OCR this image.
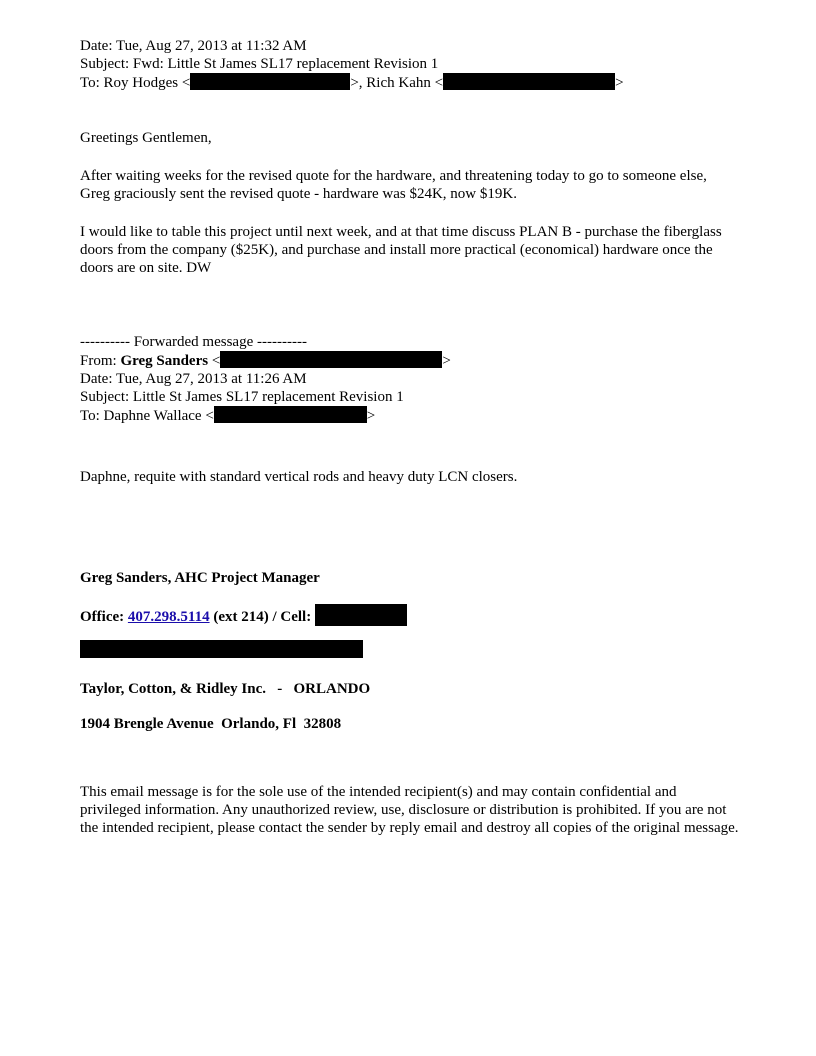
Date: Tue, Aug 27, 2013 at 11:32 AM
Subject: Fwd: Little St James SL17 replacement Revision 1
To: Roy Hodges <	>, Rich Kahn <	>
Greetings Gentlemen,
After waiting weeks for the revised quote for the hardware, and threatening today to go to someone else, Greg graciously sent the revised quote - hardware was $24K, now $19K.
I would like to table this project until next week, and at that time discuss PLAN B - purchase the fiberglass doors from the company ($25K), and purchase and install more practical (economical) hardware once the doors are on site. DW
---------- Forwarded message ----------
From: Greg Sanders <	>
Date: Tue, Aug 27, 2013 at 11:26 AM
Subject: Little St James SL17 replacement Revision 1
To: Daphne Wallace <	>
Daphne, requite with standard vertical rods and heavy duty LCN closers.
Greg Sanders, AHC Project Manager
Office: 407.298.5114 (ext 214) / Cell:
Taylor, Cotton, & Ridley Inc.   -   ORLANDO
1904 Brengle Avenue  Orlando, Fl  32808
This email message is for the sole use of the intended recipient(s) and may contain confidential and privileged information. Any unauthorized review, use, disclosure or distribution is prohibited. If you are not the intended recipient, please contact the sender by reply email and destroy all copies of the original message.
